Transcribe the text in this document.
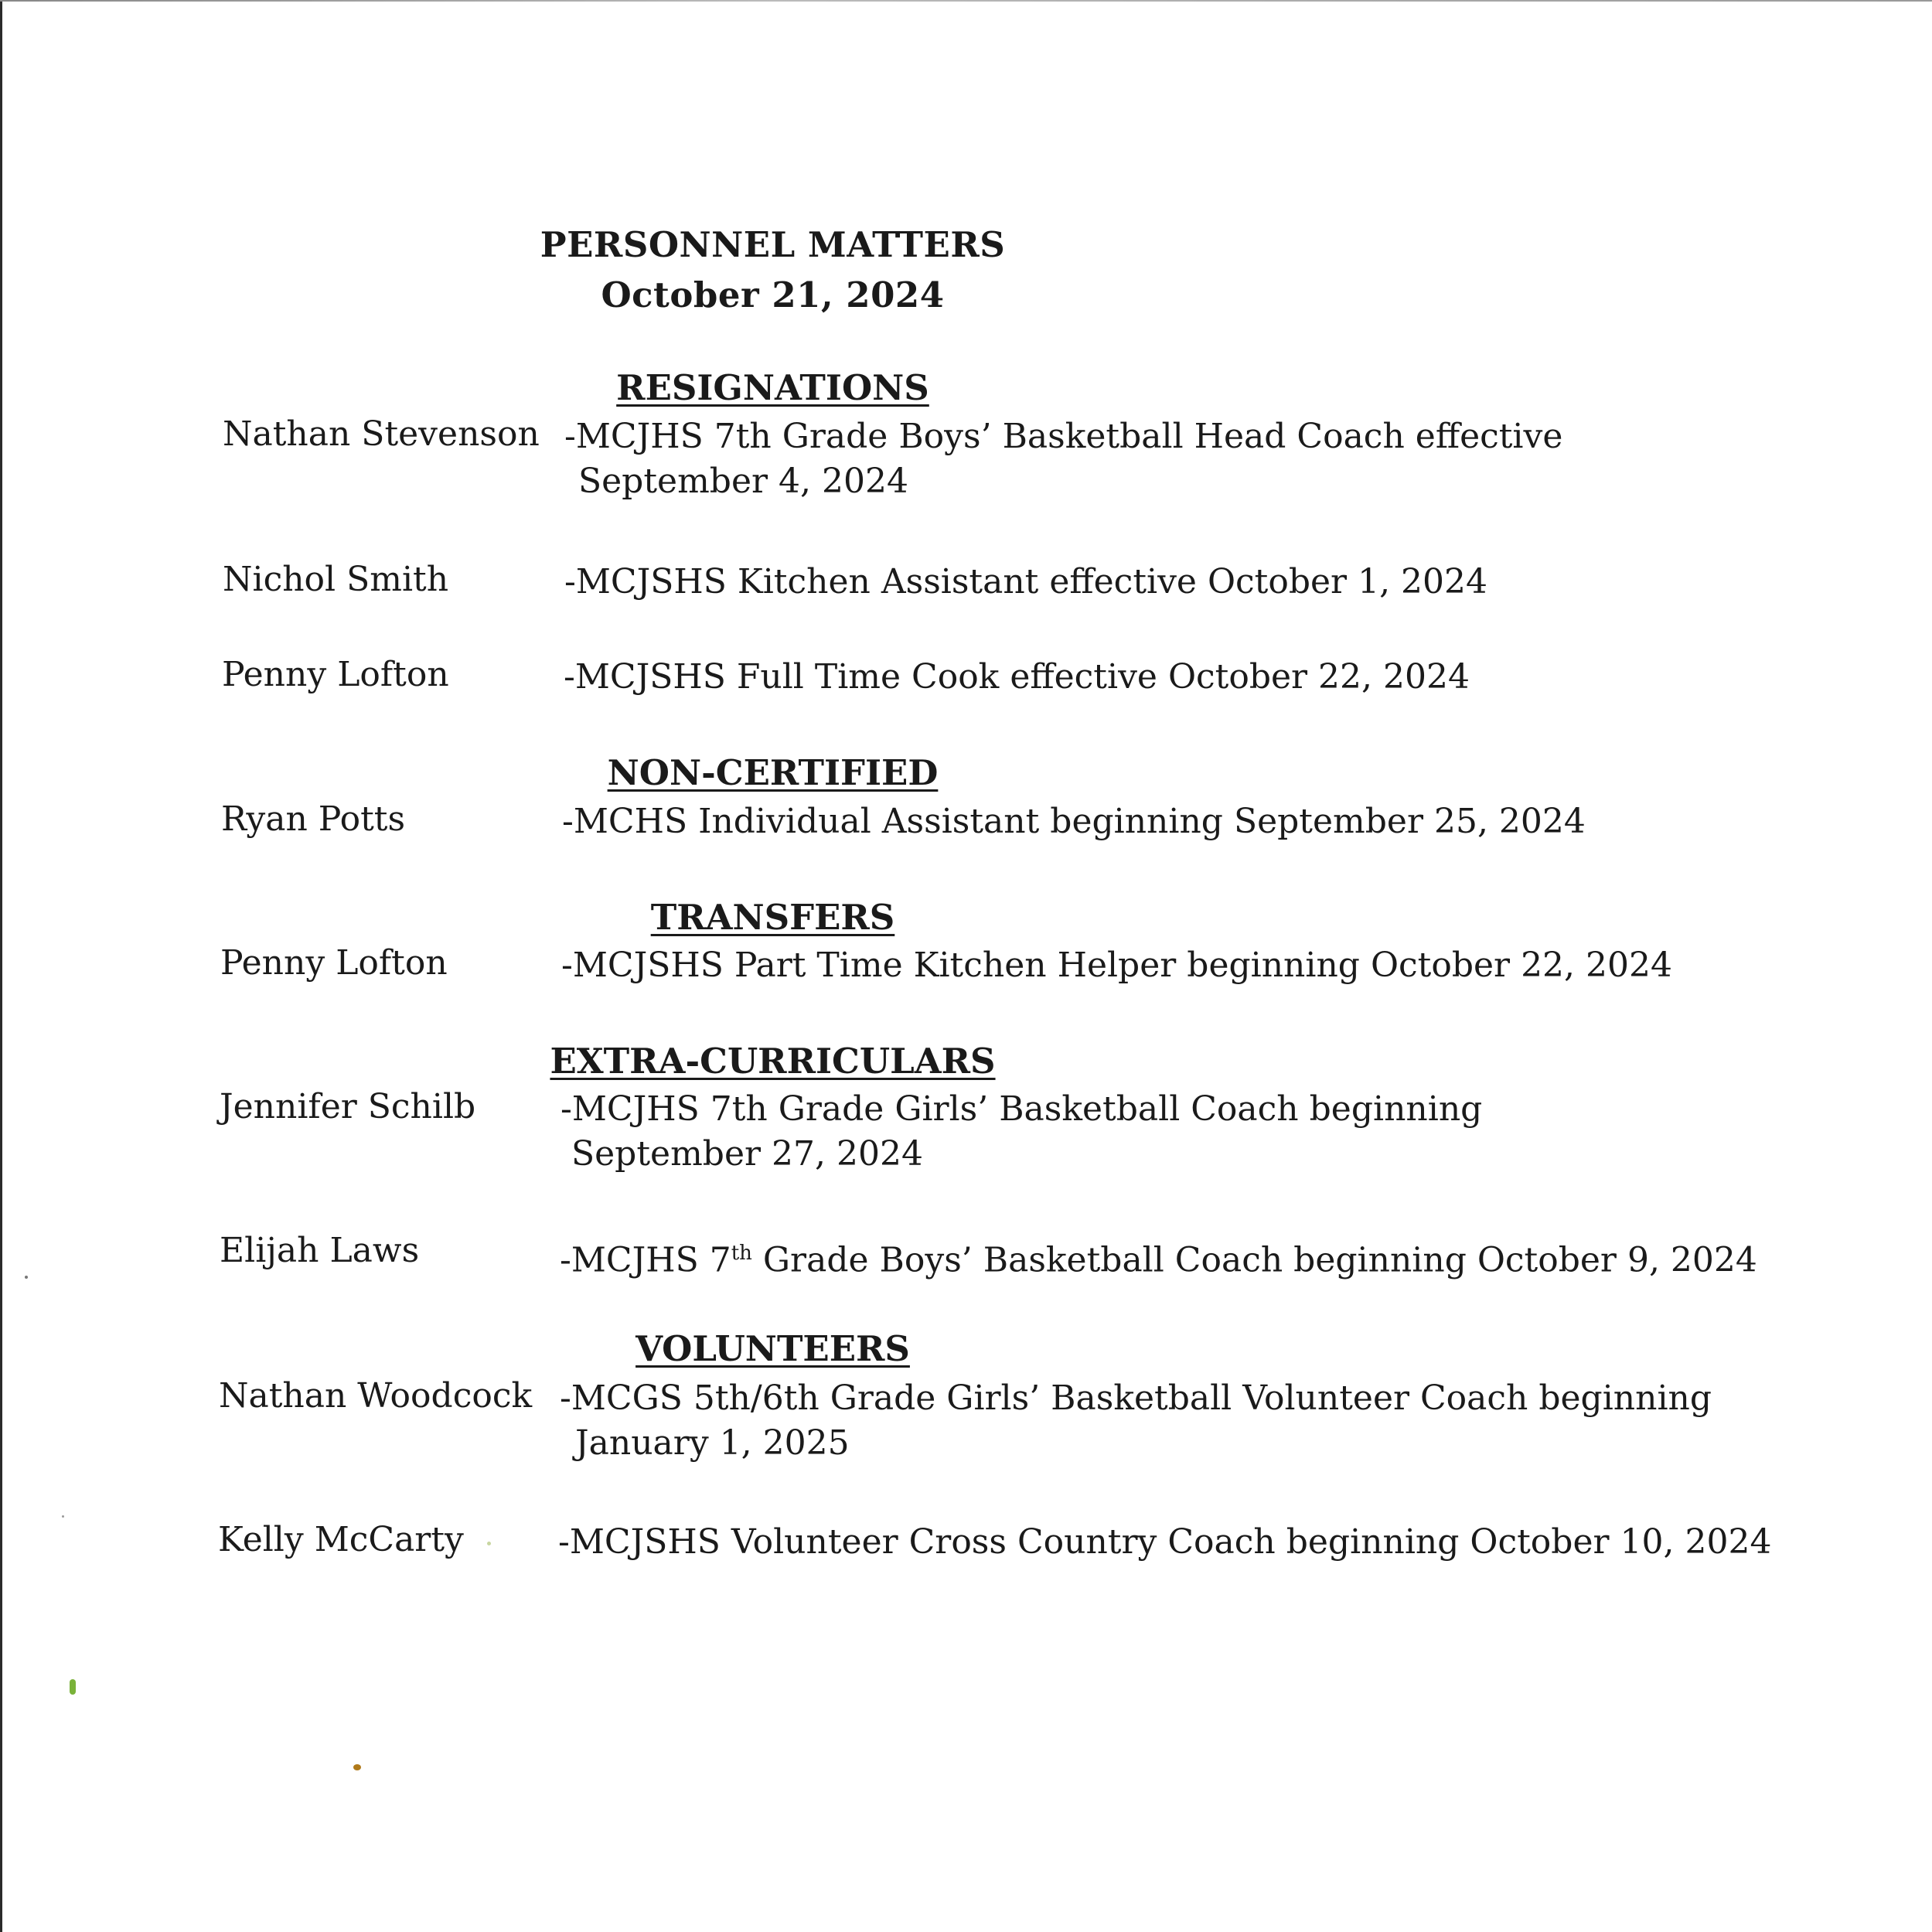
PERSONNEL MATTERS
October 21, 2024
RESIGNATIONS
Nathan Stevenson -MCJHS 7th Grade Boys’ Basketball Head Coach effective
September 4, 2024
Nichol Smith	-MCJSHS Kitchen Assistant effective October 1, 2024
Penny Lofton	-MCJSHS Full Time Cook effective October 22, 2024
NON-CERTIFIED
Ryan Potts	-MCHS Individual Assistant beginning September 25, 2024
TRANSFERS
Penny Lofton	-MCJSHS Part Time Kitchen Helper beginning October 22, 2024
EXTRA-CURRICULARS
Jennifer Schilb -MCJHS 7th Grade Girls’ Basketball Coach beginning
September 27, 2024
Elijah Laws	-MCJHS 7th Grade Boys’ Basketball Coach beginning October 9, 2024
VOLUNTEERS
Nathan Woodcock -MCGS 5th/6th Grade Girls’ Basketball Volunteer Coach beginning
January 1, 2025
Kelly McCarty	-MCJSHS Volunteer Cross Country Coach beginning October 10, 2024
